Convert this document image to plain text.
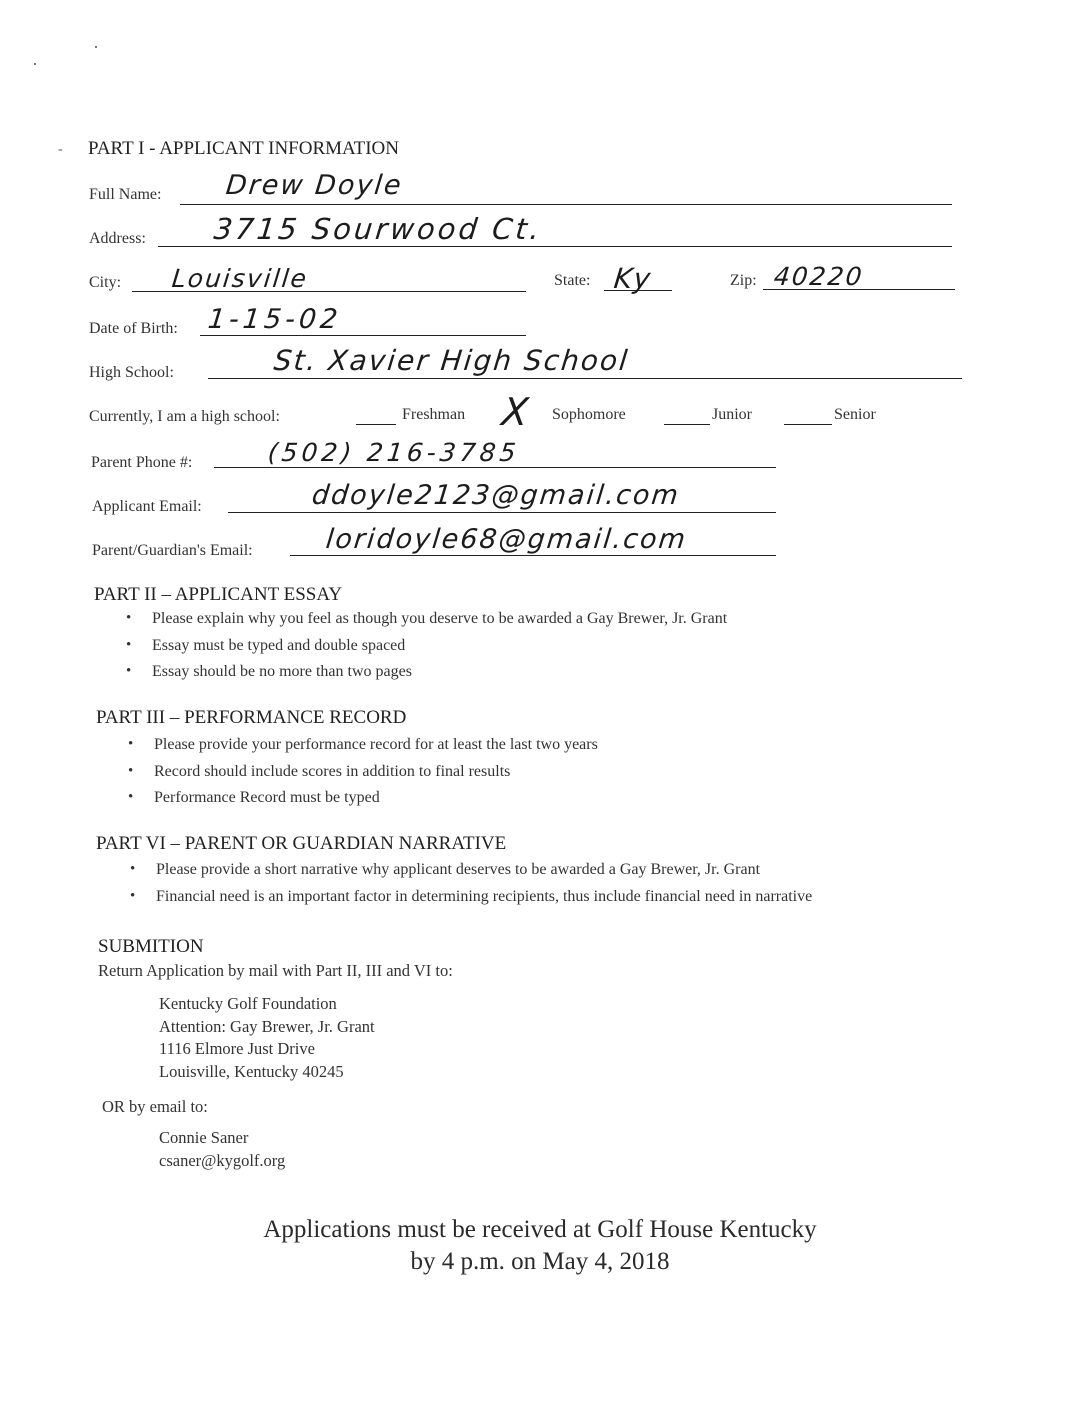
- PART I - APPLICANT INFORMATION
Full Name: Drew Doyle
Address: 3715 Sourwood Ct.
City: Louisville	State: Ky	Zip: 40220
Date of Birth: 1-15-02
High School:	St. Xavier High School
Currently, I am a high school:	Freshman X Sophomore	Junior	Senior
Parent Phone #:	(502) 216-3785
Applicant Email:	ddoyle2123@gmail.com
Parent/Guardian's Email:	loridoyle68@gmail.com
PART II – APPLICANT ESSAY
• Please explain why you feel as though you deserve to be awarded a Gay Brewer, Jr. Grant
• Essay must be typed and double spaced
• Essay should be no more than two pages
PART III – PERFORMANCE RECORD
• Please provide your performance record for at least the last two years
• Record should include scores in addition to final results
• Performance Record must be typed
PART VI – PARENT OR GUARDIAN NARRATIVE
• Please provide a short narrative why applicant deserves to be awarded a Gay Brewer, Jr. Grant
• Financial need is an important factor in determining recipients, thus include financial need in narrative
SUBMITION
Return Application by mail with Part II, III and VI to:

Kentucky Golf Foundation

Attention: Gay Brewer, Jr. Grant

1116 Elmore Just Drive

Louisville, Kentucky 40245

OR by email to:

Connie Saner

csaner@kygolf.org

Applications must be received at Golf House Kentucky

by 4 p.m. on May 4, 2018
